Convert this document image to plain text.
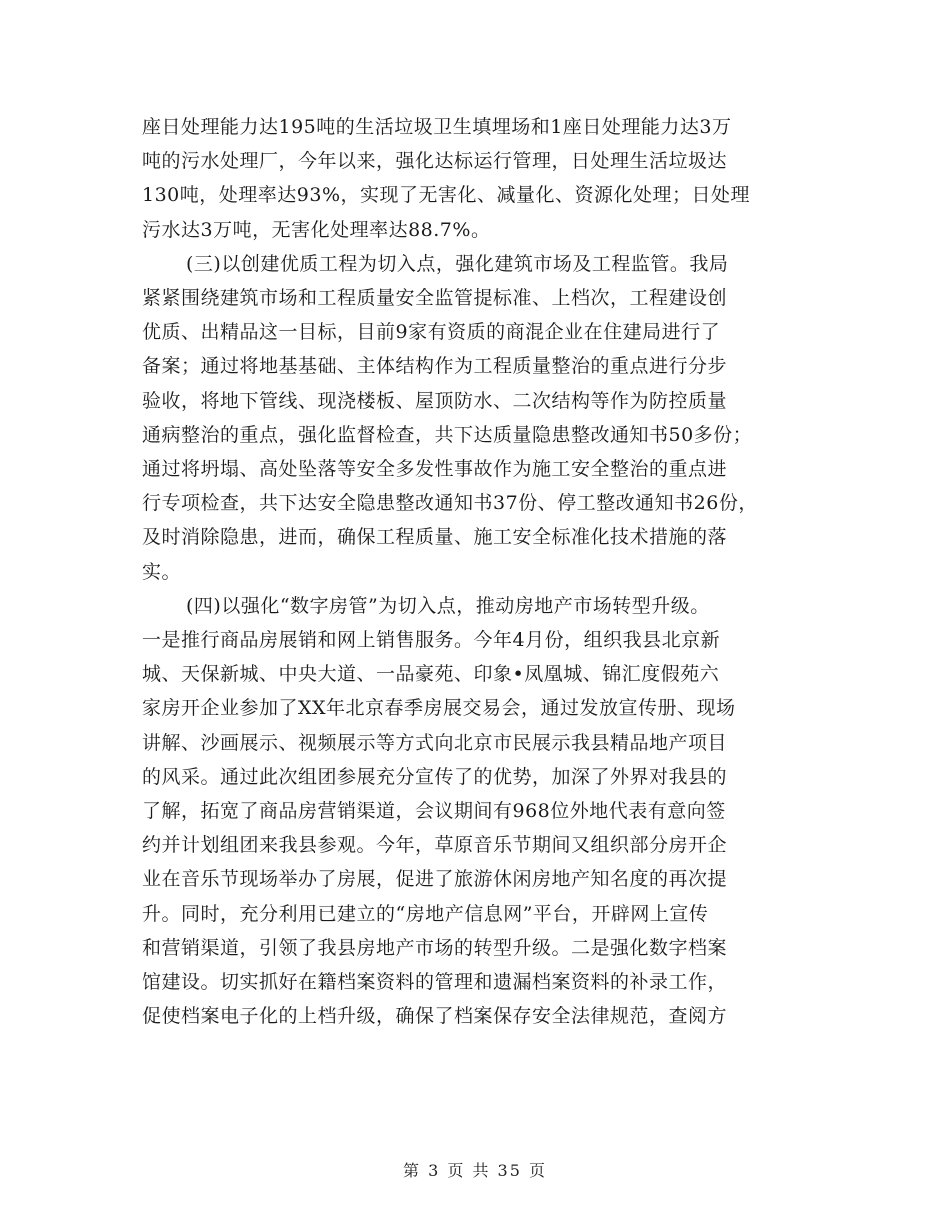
座日处理能力达195吨的生活垃圾卫生填埋场和1座日处理能力达3万
吨的污水处理厂，今年以来，强化达标运行管理，日处理生活垃圾达
130吨，处理率达93%，实现了无害化、减量化、资源化处理；日处理
污水达3万吨，无害化处理率达88.7%。
(三)以创建优质工程为切入点，强化建筑市场及工程监管。我局
紧紧围绕建筑市场和工程质量安全监管提标准、上档次，工程建设创
优质、出精品这一目标，目前9家有资质的商混企业在住建局进行了
备案；通过将地基基础、主体结构作为工程质量整治的重点进行分步
验收，将地下管线、现浇楼板、屋顶防水、二次结构等作为防控质量
通病整治的重点，强化监督检查，共下达质量隐患整改通知书50多份；
通过将坍塌、高处坠落等安全多发性事故作为施工安全整治的重点进
行专项检查，共下达安全隐患整改通知书37份、停工整改通知书26份，
及时消除隐患，进而，确保工程质量、施工安全标准化技术措施的落
实。
(四)以强化“数字房管”为切入点，推动房地产市场转型升级。
一是推行商品房展销和网上销售服务。今年4月份，组织我县北京新
城、天保新城、中央大道、一品豪苑、印象•凤凰城、锦汇度假苑六
家房开企业参加了XX年北京春季房展交易会，通过发放宣传册、现场
讲解、沙画展示、视频展示等方式向北京市民展示我县精品地产项目
的风采。通过此次组团参展充分宣传了的优势，加深了外界对我县的
了解，拓宽了商品房营销渠道，会议期间有968位外地代表有意向签
约并计划组团来我县参观。今年，草原音乐节期间又组织部分房开企
业在音乐节现场举办了房展，促进了旅游休闲房地产知名度的再次提
升。同时，充分利用已建立的“房地产信息网”平台，开辟网上宣传
和营销渠道，引领了我县房地产市场的转型升级。二是强化数字档案
馆建设。切实抓好在籍档案资料的管理和遗漏档案资料的补录工作，
促使档案电子化的上档升级，确保了档案保存安全法律规范，查阅方
第 3 页 共 35 页
